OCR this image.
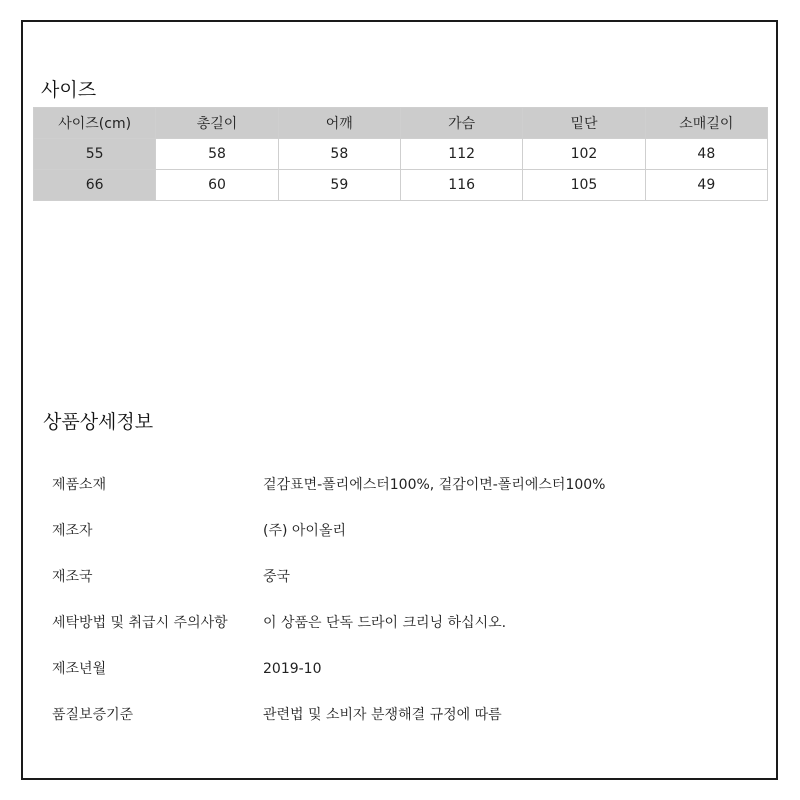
사이즈
사이즈(cm)	총길이	어깨	가슴	밑단	소매길이
55	58	58	112	102	48
66	60	59	116	105	49
상품상세정보
제품소재	겉감표면-폴리에스터100%, 겉감이면-폴리에스터100%
제조자	(주) 아이올리
재조국	중국
세탁방법 및 취급시 주의사항	이 상품은 단독 드라이 크리닝 하십시오.
제조년월	2019-10
품질보증기준	관련법 및 소비자 분쟁해결 규정에 따름
